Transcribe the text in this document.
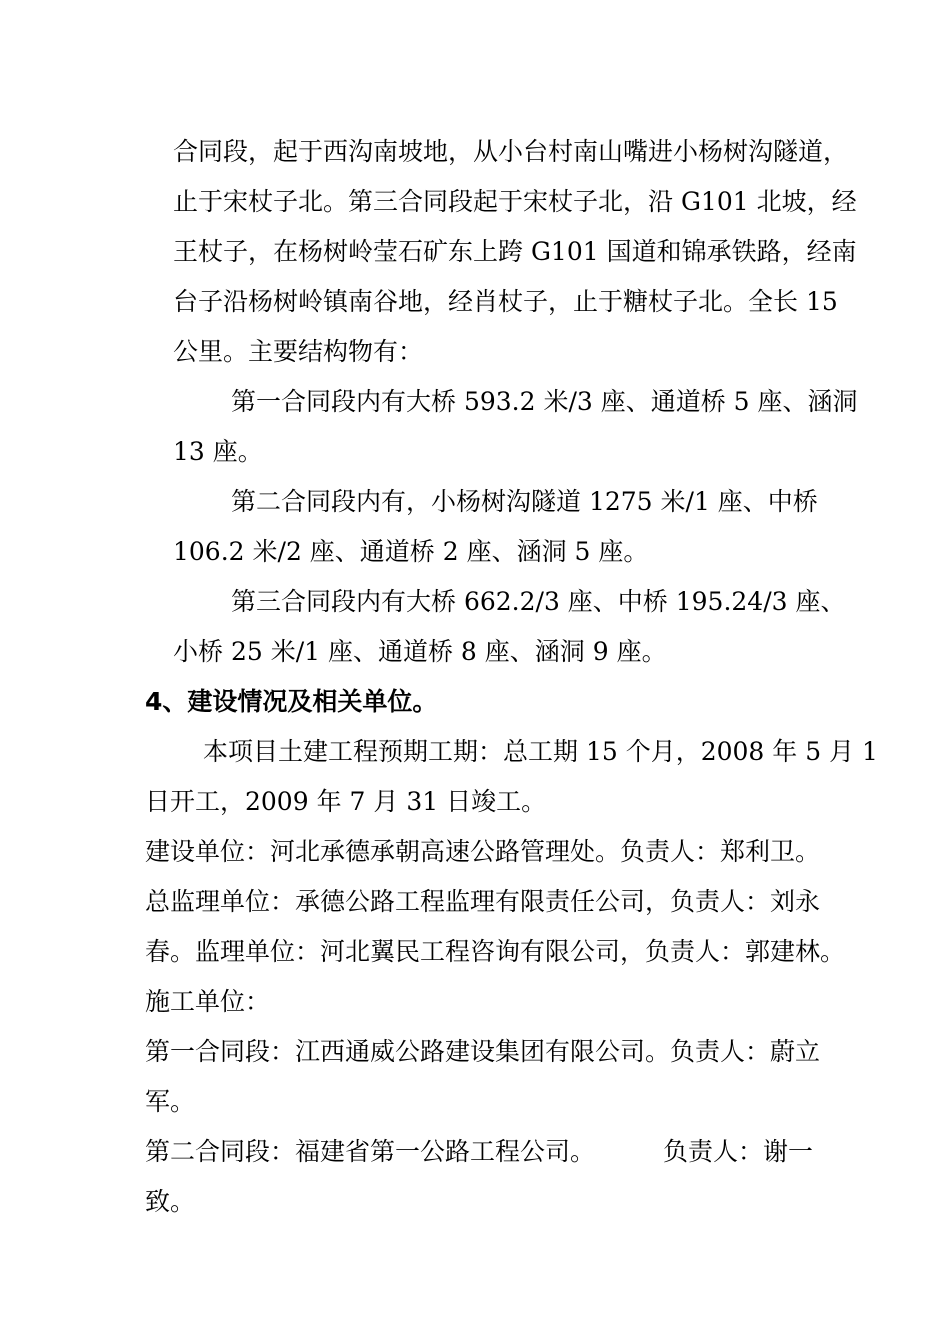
合同段，起于西沟南坡地，从小台村南山嘴进小杨树沟隧道，
止于宋杖子北。第三合同段起于宋杖子北，沿 G101 北坡，经
王杖子，在杨树岭莹石矿东上跨 G101 国道和锦承铁路，经南
台子沿杨树岭镇南谷地，经肖杖子，止于糖杖子北。全长 15
公里。主要结构物有：
第一合同段内有大桥 593.2 米/3 座、通道桥 5 座、涵洞
13 座。
第二合同段内有，小杨树沟隧道 1275 米/1 座、中桥
106.2 米/2 座、通道桥 2 座、涵洞 5 座。
第三合同段内有大桥 662.2/3 座、中桥 195.24/3 座、
小桥 25 米/1 座、通道桥 8 座、涵洞 9 座。
4、建设情况及相关单位。
本项目土建工程预期工期：总工期 15 个月，2008 年 5 月 1
日开工，2009 年 7 月 31 日竣工。
建设单位：河北承德承朝高速公路管理处。负责人：郑利卫。
总监理单位：承德公路工程监理有限责任公司，负责人：刘永
春。监理单位：河北翼民工程咨询有限公司，负责人：郭建林。
施工单位：
第一合同段：江西通威公路建设集团有限公司。负责人：蔚立
军。
第二合同段：福建省第一公路工程公司。	负责人：谢一
致。
